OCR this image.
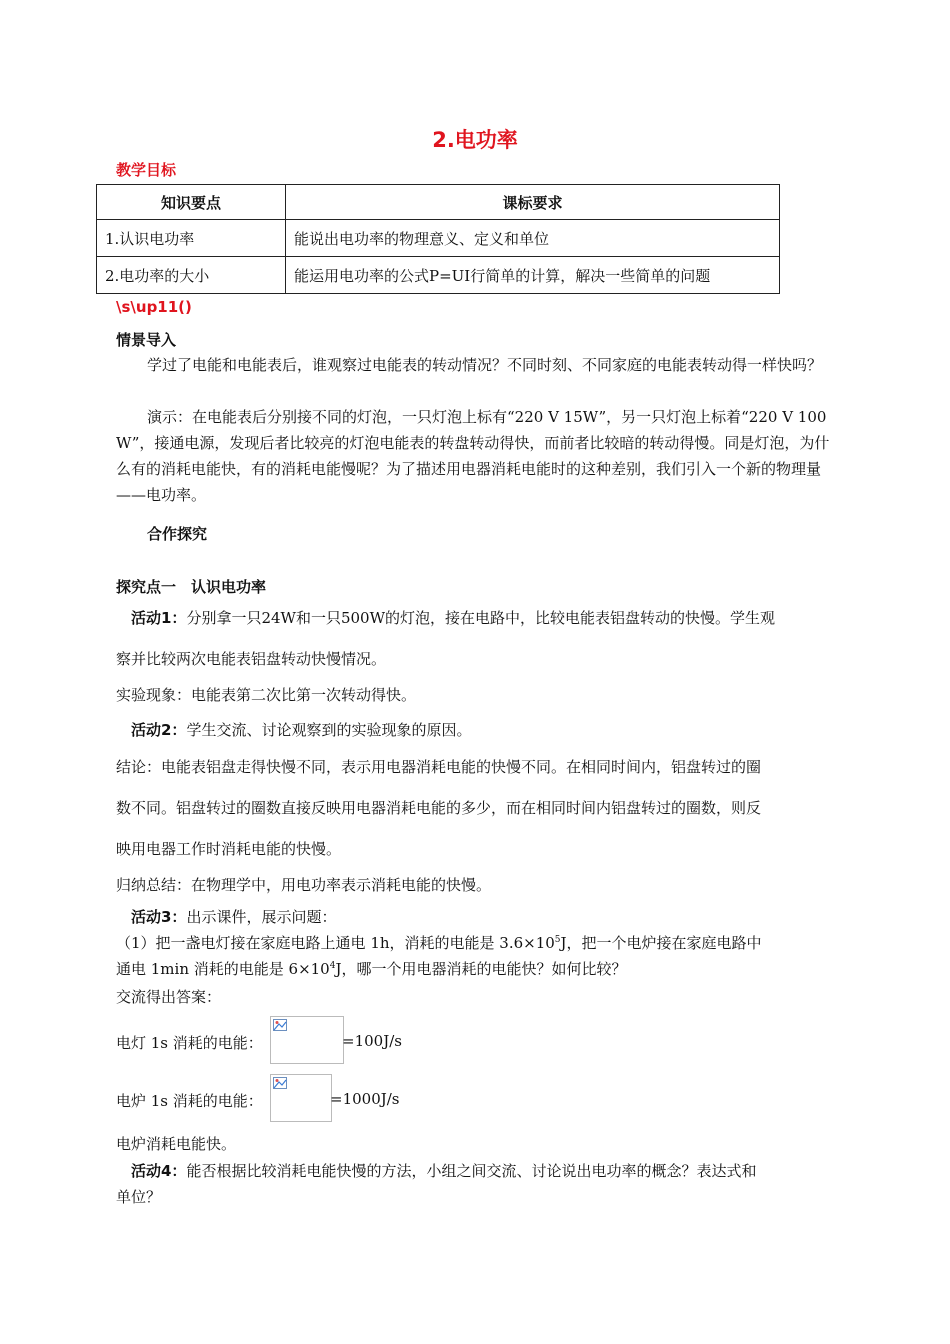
2.电功率
教学目标
知识要点	课标要求
1.认识电功率	能说出电功率的物理意义、定义和单位
2.电功率的大小	能运用电功率的公式P=UI行简单的计算，解决一些简单的问题
\s\up11()
情景导入
学过了电能和电能表后，谁观察过电能表的转动情况？不同时刻、不同家庭的电能表转动得一样快吗？
演示：在电能表后分别接不同的灯泡，一只灯泡上标有“220 V 15W”，另一只灯泡上标着“220 V 100 W”，接通电源，发现后者比较亮的灯泡电能表的转盘转动得快，而前者比较暗的转动得慢。同是灯泡，为什么有的消耗电能快，有的消耗电能慢呢？为了描述用电器消耗电能时的这种差别，我们引入一个新的物理量——电功率。
合作探究
探究点一　认识电功率
活动1：分别拿一只24W和一只500W的灯泡，接在电路中，比较电能表铝盘转动的快慢。学生观
察并比较两次电能表铝盘转动快慢情况。
实验现象：电能表第二次比第一次转动得快。
活动2：学生交流、讨论观察到的实验现象的原因。
结论：电能表铝盘走得快慢不同，表示用电器消耗电能的快慢不同。在相同时间内，铝盘转过的圈
数不同。铝盘转过的圈数直接反映用电器消耗电能的多少，而在相同时间内铝盘转过的圈数，则反
映用电器工作时消耗电能的快慢。
归纳总结：在物理学中，用电功率表示消耗电能的快慢。
活动3：出示课件，展示问题：
（1）把一盏电灯接在家庭电路上通电 1h，消耗的电能是 $3.6\times 10^5J$，把一个电炉接在家庭电路中
通电 1min 消耗的电能是 $6\times 10^4J$，哪一个用电器消耗的电能快？如何比较？
交流得出答案：
电灯 1s 消耗的电能：	=100J/s
电炉 1s 消耗的电能：	=1000J/s
电炉消耗电能快。
活动4：能否根据比较消耗电能快慢的方法，小组之间交流、讨论说出电功率的概念？表达式和
单位？
